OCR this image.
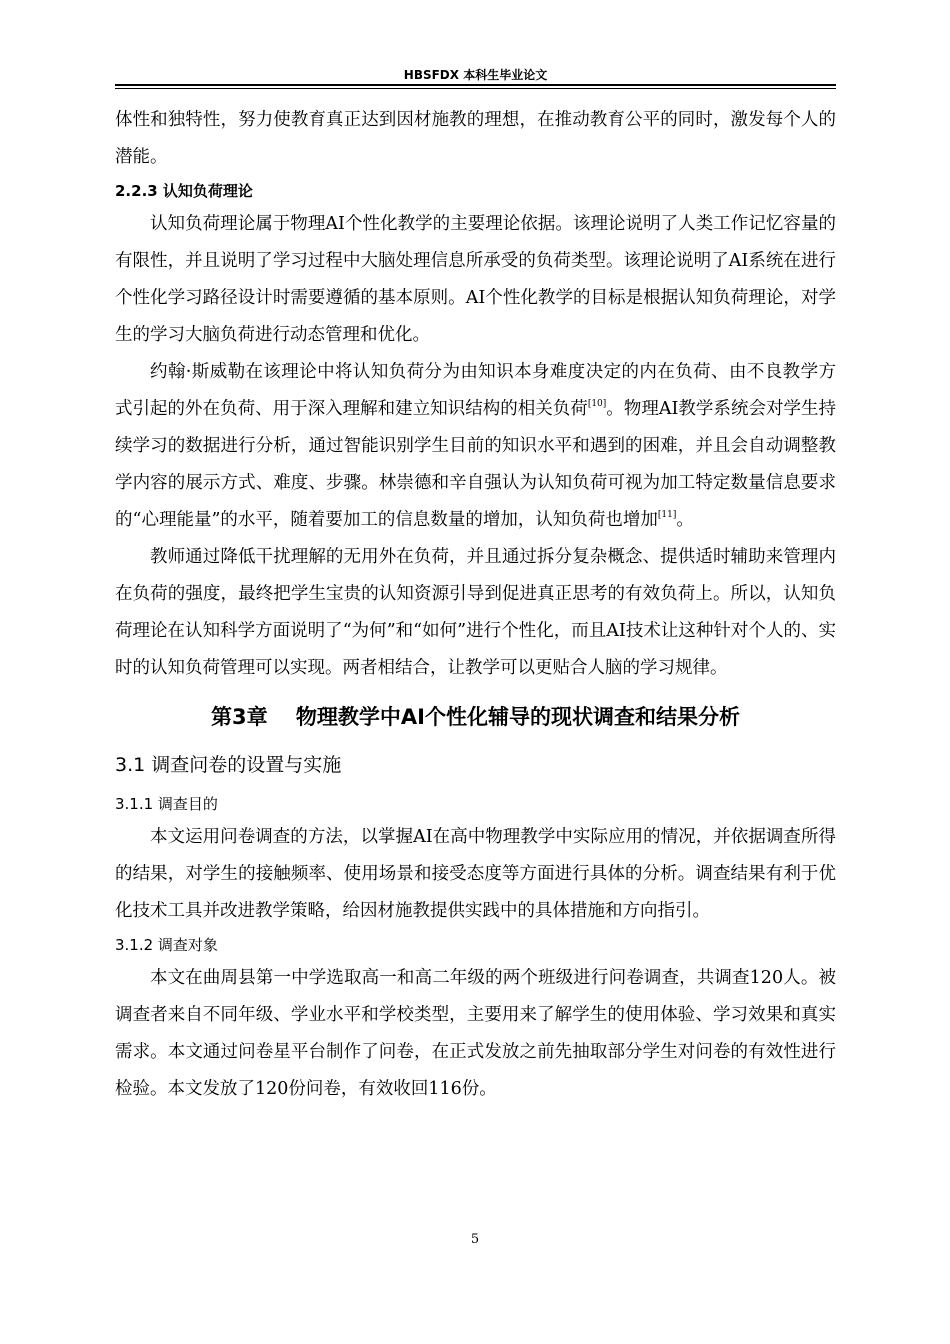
HBSFDX 本科生毕业论文

体性和独特性，努力使教育真正达到因材施教的理想，在推动教育公平的同时，激发每个人的潜能。

2.2.3 认知负荷理论

认知负荷理论属于物理AI个性化教学的主要理论依据。该理论说明了人类工作记忆容量的有限性，并且说明了学习过程中大脑处理信息所承受的负荷类型。该理论说明了AI系统在进行个性化学习路径设计时需要遵循的基本原则。AI个性化教学的目标是根据认知负荷理论，对学生的学习大脑负荷进行动态管理和优化。

约翰·斯威勒在该理论中将认知负荷分为由知识本身难度决定的内在负荷、由不良教学方式引起的外在负荷、用于深入理解和建立知识结构的相关负荷[10]。物理AI教学系统会对学生持续学习的数据进行分析，通过智能识别学生目前的知识水平和遇到的困难，并且会自动调整教学内容的展示方式、难度、步骤。林崇德和辛自强认为认知负荷可视为加工特定数量信息要求的“心理能量”的水平，随着要加工的信息数量的增加，认知负荷也增加[11]。

教师通过降低干扰理解的无用外在负荷，并且通过拆分复杂概念、提供适时辅助来管理内在负荷的强度，最终把学生宝贵的认知资源引导到促进真正思考的有效负荷上。所以，认知负荷理论在认知科学方面说明了“为何”和“如何”进行个性化，而且AI技术让这种针对个人的、实时的认知负荷管理可以实现。两者相结合，让教学可以更贴合人脑的学习规律。

第3章　 物理教学中AI个性化辅导的现状调查和结果分析
3.1 调查问卷的设置与实施
3.1.1 调查目的

本文运用问卷调查的方法，以掌握AI在高中物理教学中实际应用的情况，并依据调查所得的结果，对学生的接触频率、使用场景和接受态度等方面进行具体的分析。调查结果有利于优化技术工具并改进教学策略，给因材施教提供实践中的具体措施和方向指引。

3.1.2 调查对象

本文在曲周县第一中学选取高一和高二年级的两个班级进行问卷调查，共调查120人。被调查者来自不同年级、学业水平和学校类型，主要用来了解学生的使用体验、学习效果和真实需求。本文通过问卷星平台制作了问卷，在正式发放之前先抽取部分学生对问卷的有效性进行检验。本文发放了120份问卷，有效收回116份。

5
